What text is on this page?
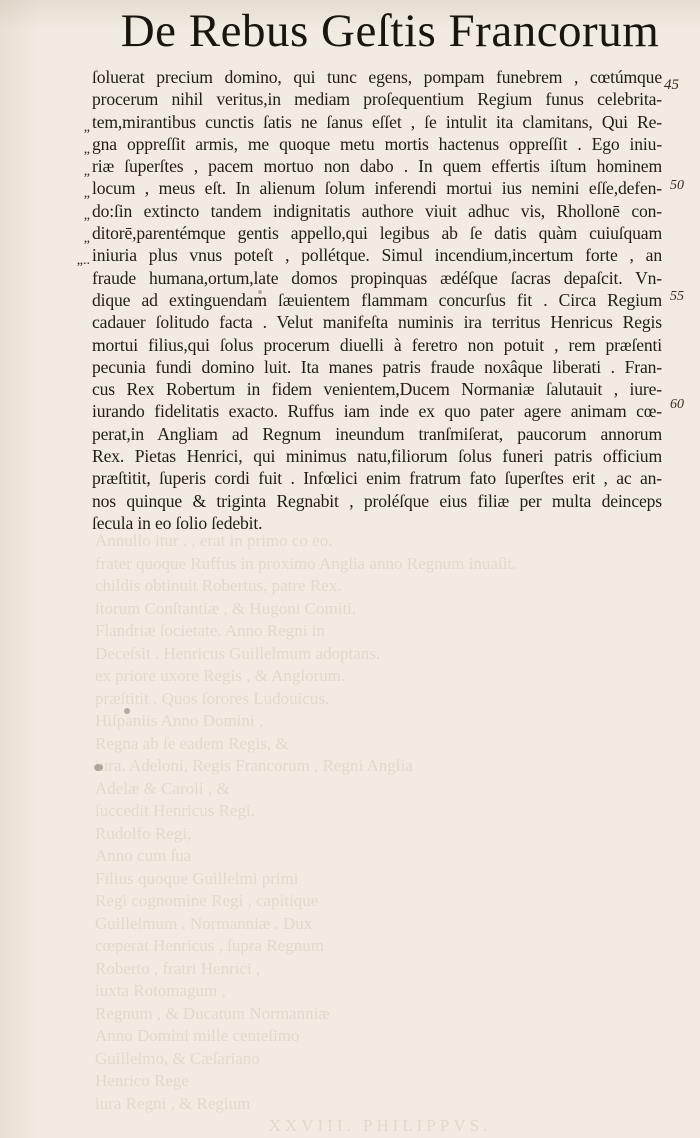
De Rebus Geſtis Francorum
45
Annullo itur . , erat in primo co eo.
frater quoque Ruffus in proximo Anglia anno Regnum inuaſit.
childis obtinuit Robertus, patre Rex.
ſtorum Conſtantiæ , & Hugoni Comiti.
Flandriæ ſocietate. Anno Regni in
Deceſsit . Henricus Guillelmum adoptans.
ex priore uxore Regis , & Anglorum.
præſtitit . Quos ſorores Ludouicus.
Hiſpaniis Anno Domini ,
Regna ab ſe eadem Regis, &
iura. Adeloni, Regis Francorum , Regni Anglia
Adelæ & Caroli , &
ſuccedit Henricus Regi.
Rudolfo Regi,
Anno cum ſua
Filius quoque Guillelmi primi
Regi cognomine Regi , capitique
Guillelmum . Normanniæ . Dux
cœperat Henricus , ſupra Regnum
Roberto , fratri Henrici ,
iuxta Rotomagum ,
Regnum , & Ducatum Normanniæ
Anno Domini mille centeſimo
Guillelmo, & Cæſariano
Henrico Rege
iura Regni , & Regium
XXVIII. PHILIPPVS.
„
„
„
„
„
„
„..
50
55
60
ſoluerat precium domino, qui tunc egens, pompam funebrem , cœtúmque
procerum nihil veritus,in mediam proſequentium Regium funus celebrita-
tem,mirantibus cunctis ſatis ne ſanus eſſet , ſe intulit ita clamitans, Qui Re-
gna oppreſſit armis, me quoque metu mortis hactenus oppreſſit . Ego iniu-
riæ ſuperſtes , pacem mortuo non dabo . In quem effertis iſtum hominem
locum , meus eſt. In alienum ſolum inferendi mortui ius nemini eſſe,defen-
do:ſin extincto tandem indignitatis authore viuit adhuc vis, Rhollonē con-
ditorē,parentémque gentis appello,qui legibus ab ſe datis quàm cuiuſquam
iniuria plus vnus poteſt , pollétque. Simul incendium,incertum forte , an
fraude humana,ortum,late domos propinquas ædéſque ſacras depaſcit. Vn-
dique ad extinguendam ſæuientem flammam concurſus fit . Circa Regium
cadauer ſolitudo facta . Velut manifeſta numinis ira territus Henricus Regis
mortui filius,qui ſolus procerum diuelli à feretro non potuit , rem præſenti
pecunia fundi domino luit. Ita manes patris fraude noxâque liberati . Fran-
cus Rex Robertum in fidem venientem,Ducem Normaniæ ſalutauit , iure-
iurando fidelitatis exacto. Ruffus iam inde ex quo pater agere animam cœ-
perat,in Angliam ad Regnum ineundum tranſmiſerat, paucorum annorum
Rex. Pietas Henrici, qui minimus natu,filiorum ſolus funeri patris officium
præſtitit, ſuperis cordi fuit . Infœlici enim fratrum fato ſuperſtes erit , ac an-
nos quinque & triginta Regnabit , proléſque eius filiæ per multa deinceps
ſecula in eo ſolio ſedebit.
